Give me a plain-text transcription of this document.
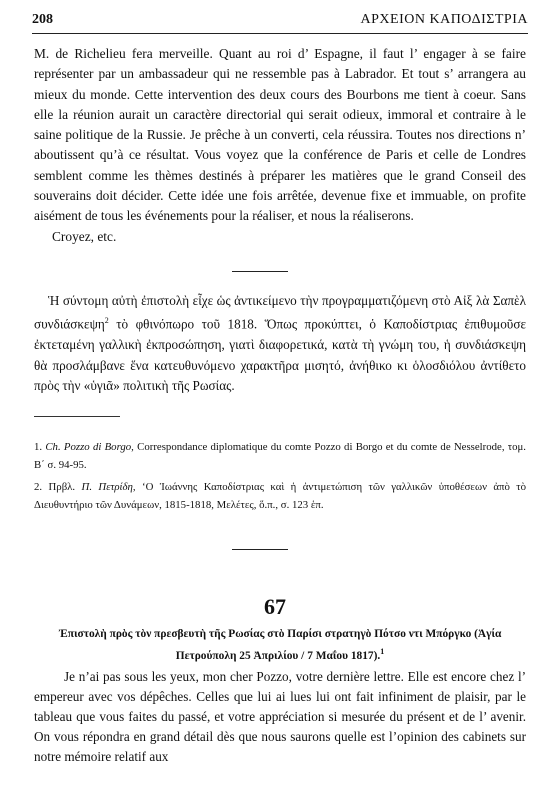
208	ΑΡΧΕΙΟΝ ΚΑΠΟΔΙΣΤΡΙΑ

M. de Richelieu fera merveille. Quant au roi d’ Espagne, il faut l’ engager à se faire représenter par un ambassadeur qui ne ressemble pas à Labrador. Et tout s’ arrangera au mieux du monde. Cette intervention des deux cours des Bourbons me tient à coeur. Sans elle la réunion aurait un caractère directorial qui serait odieux, immoral et contraire à le saine politique de la Russie. Je prêche à un converti, cela réussira. Toutes nos directions n’ aboutissent qu’à ce résultat. Vous voyez que la conférence de Paris et celle de Londres semblent comme les thèmes destinés à préparer les matières que le grand Conseil des souverains doit décider. Cette idée une fois arrêtée, devenue fixe et immuable, on profite aisément de tous les événements pour la réaliser, et nous la réaliserons.

Croyez, etc.

Ἡ σύντομη αὐτὴ ἐπιστολὴ εἶχε ὡς ἀντικείμενο τὴν προγραμματιζόμενη στὸ Αἰξ λὰ Σαπὲλ συνδιάσκεψη$^2$ τὸ φθινόπωρο τοῦ 1818. Ὅπως προκύπτει, ὁ Καποδίστριας ἐπιθυμοῦσε ἐκτεταμένη γαλλικὴ ἐκπροσώπηση, γιατὶ διαφορετικά, κατὰ τὴ γνώμη του, ἡ συνδιάσκεψη θὰ προσλάμβανε ἕνα κατευθυνόμενο χαρακτῆρα μισητό, ἀνήθικο κι ὁλοσδιόλου ἀντίθετο πρὸς τὴν «ὑγιᾶ» πολιτικὴ τῆς Ρωσίας.

1. Ch. Pozzo di Borgo, Correspondance diplomatique du comte Pozzo di Borgo et du comte de Nesselrode, τομ. Β΄ σ. 94-95.

2. Πρβλ. Π. Πετρίδη, ‘Ο Ἰωάννης Καποδίστριας καὶ ἡ ἀντιμετώπιση τῶν γαλλικῶν ὑποθέσεων ἀπὸ τὸ Διευθυντήριο τῶν Δυνάμεων, 1815-1818, Μελέτες, ὅ.π., σ. 123 ἑπ.

67
Ἐπιστολὴ πρὸς τὸν πρεσβευτὴ τῆς Ρωσίας στὸ Παρίσι στρατηγὸ Πότσο ντι Μπόργκο (Ἁγία Πετρούπολη 25 Ἀπριλίου / 7 Μαΐου 1817).$^1$

Je n’ai pas sous les yeux, mon cher Pozzo, votre dernière lettre. Elle est encore chez l’ empereur avec vos dépêches. Celles que lui ai lues lui ont fait infiniment de plaisir, par le tableau que vous faites du passé, et votre appréciation si mesurée du présent et de l’ avenir. On vous répondra en grand détail dès que nous saurons quelle est l’opinion des cabinets sur notre mémoire relatif aux
